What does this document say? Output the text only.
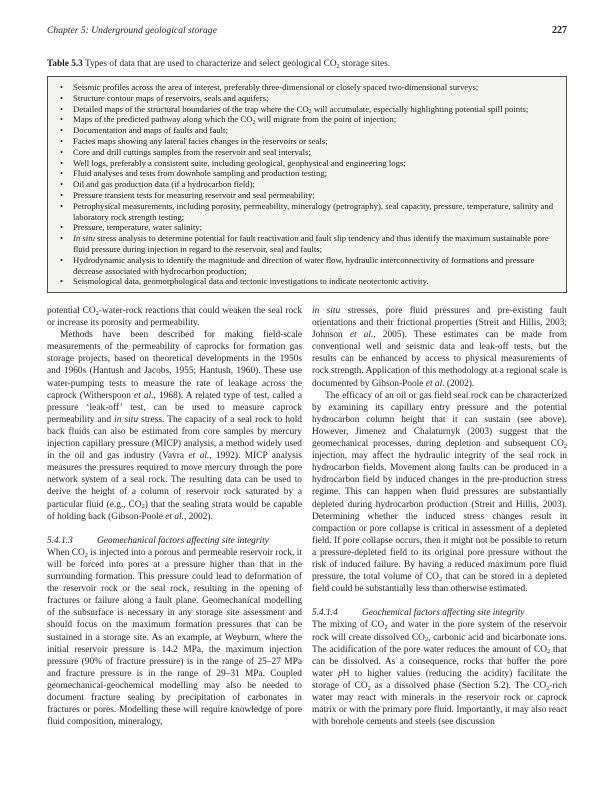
Chapter 5: Underground geological storage	227
Table 5.3 Types of data that are used to characterize and select geological $CO_2$ storage sites.
• Seismic profiles across the area of interest, preferably three-dimensional or closely spaced two-dimensional surveys;
• Structure contour maps of reservoirs, seals and aquifers;
• Detailed maps of the structural boundaries of the trap where the $CO_2$ will accumulate, especially highlighting potential spill points;
• Maps of the predicted pathway along which the $CO_2$ will migrate from the point of injection;
• Documentation and maps of faults and fault;
• Facies maps showing any lateral facies changes in the reservoirs or seals;
• Core and drill cuttings samples from the reservoir and seal intervals;
• Well logs, preferably a consistent suite, including geological, geophysical and engineering logs;
• Fluid analyses and tests from downhole sampling and production testing;
• Oil and gas production data (if a hydrocarbon field);
• Pressure transient tests for measuring reservoir and seal permeability;
• Petrophysical measurements, including porosity, permeability, mineralogy (petrography), seal capacity, pressure, temperature, salinity and laboratory rock strength testing;
• Pressure, temperature, water salinity;
• In situ stress analysis to determine potential for fault reactivation and fault slip tendency and thus identify the maximum sustainable pore fluid pressure during injection in regard to the reservoir, seal and faults;
• Hydrodynamic analysis to identify the magnitude and direction of water flow, hydraulic interconnectivity of formations and pressure decrease associated with hydrocarbon production;
• Seismological data, geomorphological data and tectonic investigations to indicate neotectonic activity.

potential $CO_2-water$-rock reactions that could weaken the seal rock or increase its porosity and permeability.

Methods have been described for making field-scale measurements of the permeability of caprocks for formation gas storage projects, based on theoretical developments in the 1950s and 1960s (Hantush and Jacobs, 1955; Hantush, 1960). These use water-pumping tests to measure the rate of leakage across the caprock (Witherspoon et al., 1968). A related type of test, called a pressure ‘leak-off’ test, can be used to measure caprock permeability and in situ stress. The capacity of a seal rock to hold back fluids can also be estimated from core samples by mercury injection capillary pressure (MICP) analysis, a method widely used in the oil and gas industry (Vavra et al., 1992). MICP analysis measures the pressures required to move mercury through the pore network system of a seal rock. The resulting data can be used to derive the height of a column of reservoir rock saturated by a particular fluid (e.g., $CO_2$) that the sealing strata would be capable of holding back (Gibson-Poole et al., 2002).

5.4.1.3	Geomechanical factors affecting site integrity

When $CO_2$ is injected into a porous and permeable reservoir rock, it will be forced into pores at a pressure higher than that in the surrounding formation. This pressure could lead to deformation of the reservoir rock or the seal rock, resulting in the opening of fractures or failure along a fault plane. Geomechanical modelling of the subsurface is necessary in any storage site assessment and should focus on the maximum formation pressures that can be sustained in a storage site. As an example, at Weyburn, where the initial reservoir pressure is 14.2 MPa, the maximum injection pressure (90% of fracture pressure) is in the range of 25–27 MPa and fracture pressure is in the range of 29–31 MPa. Coupled geomechanical-geochemical modelling may also be needed to document fracture sealing by precipitation of carbonates in fractures or pores. Modelling these will require knowledge of pore fluid composition, mineralogy,

in situ stresses, pore fluid pressures and pre-existing fault orientations and their frictional properties (Streit and Hillis, 2003; Johnson et al., 2005). These estimates can be made from conventional well and seismic data and leak-off tests, but the results can be enhanced by access to physical measurements of rock strength. Application of this methodology at a regional scale is documented by Gibson-Poole et al. (2002).

The efficacy of an oil or gas field seal rock can be characterized by examining its capillary entry pressure and the potential hydrocarbon column height that it can sustain (see above). However, Jimenez and Chalaturnyk (2003) suggest that the geomechanical processes, during depletion and subsequent $CO_2$ injection, may affect the hydraulic integrity of the seal rock in hydrocarbon fields. Movement along faults can be produced in a hydrocarbon field by induced changes in the pre-production stress regime. This can happen when fluid pressures are substantially depleted during hydrocarbon production (Streit and Hillis, 2003). Determining whether the induced stress changes result in compaction or pore collapse is critical in assessment of a depleted field. If pore collapse occurs, then it might not be possible to return a pressure-depleted field to its original pore pressure without the risk of induced failure. By having a reduced maximum pore fluid pressure, the total volume of $CO_2$ that can be stored in a depleted field could be substantially less than otherwise estimated.

5.4.1.4	Geochemical factors affecting site integrity

The mixing of $CO_2$ and water in the pore system of the reservoir rock will create dissolved $CO_2$, carbonic acid and bicarbonate ions. The acidification of the pore water reduces the amount of $CO_2$ that can be dissolved. As a consequence, rocks that buffer the pore water pH to higher values (reducing the acidity) facilitate the storage of $CO_2$ as a dissolved phase (Section 5.2). The $CO_2$-rich water may react with minerals in the reservoir rock or caprock matrix or with the primary pore fluid. Importantly, it may also react with borehole cements and steels (see discussion
